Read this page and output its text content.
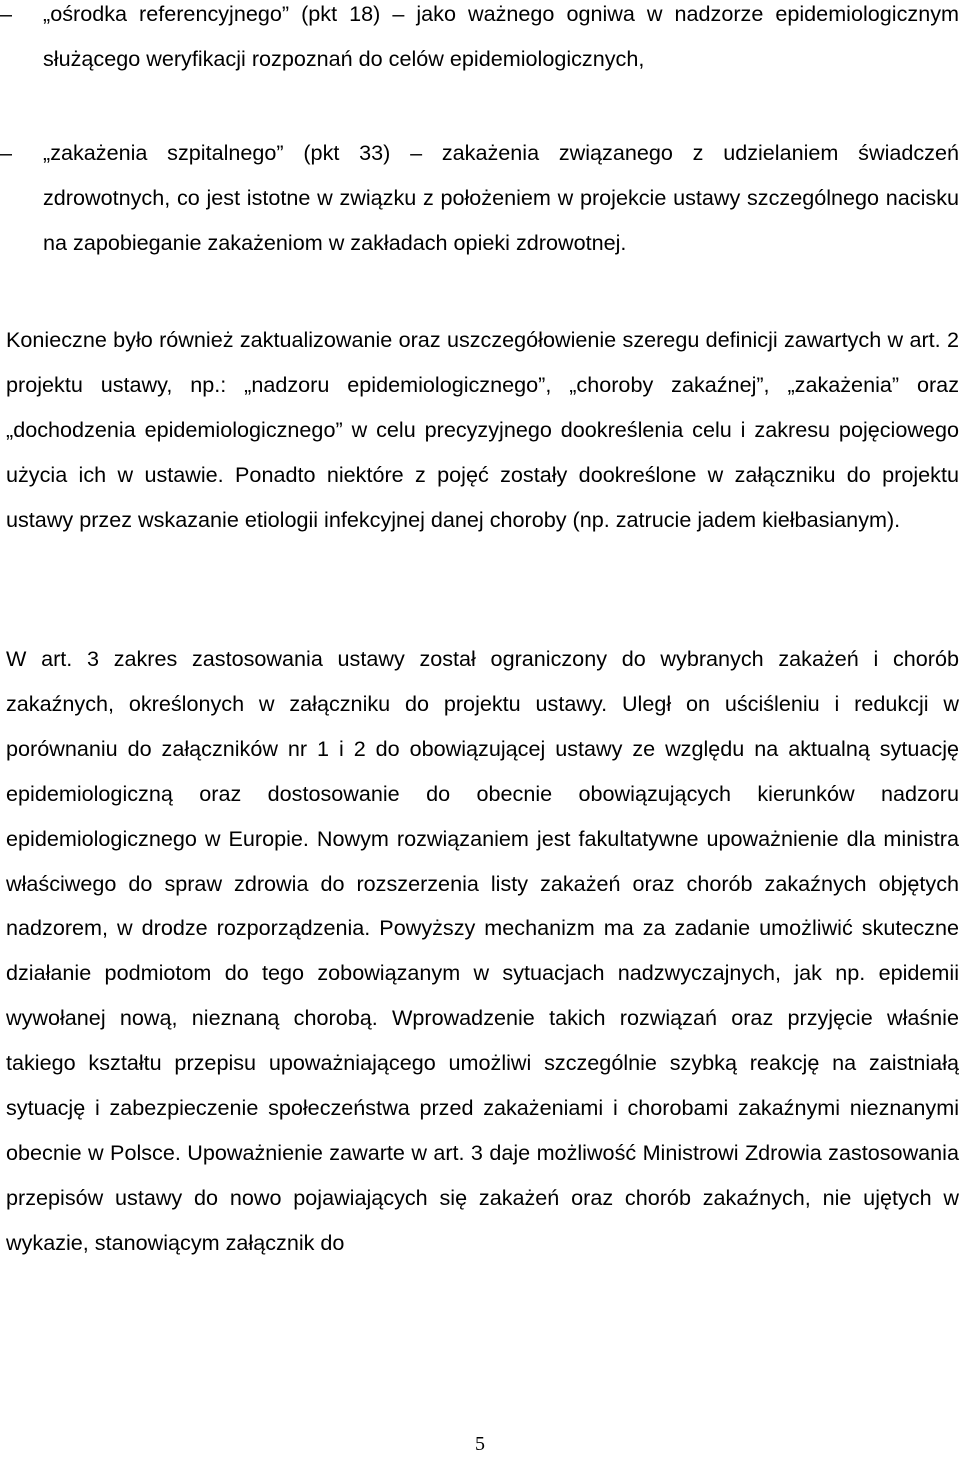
–	„ośrodka referencyjnego” (pkt 18) – jako ważnego ogniwa w nadzorze epidemiologicznym służącego weryfikacji rozpoznań do celów epidemiologicznych,

–	„zakażenia szpitalnego” (pkt 33) – zakażenia związanego z udzielaniem świadczeń zdrowotnych, co jest istotne w związku z położeniem w projekcie ustawy szczególnego nacisku na zapobieganie zakażeniom w zakładach opieki zdrowotnej.

Konieczne było również zaktualizowanie oraz uszczegółowienie szeregu definicji zawartych w art. 2 projektu ustawy, np.: „nadzoru epidemiologicznego”, „choroby zakaźnej”, „zakażenia” oraz „dochodzenia epidemiologicznego” w celu precyzyjnego dookreślenia celu i zakresu pojęciowego użycia ich w ustawie. Ponadto niektóre z pojęć zostały dookreślone w załączniku do projektu ustawy przez wskazanie etiologii infekcyjnej danej choroby (np. zatrucie jadem kiełbasianym).

W art. 3 zakres zastosowania ustawy został ograniczony do wybranych zakażeń i chorób zakaźnych, określonych w załączniku do projektu ustawy. Uległ on uściśleniu i redukcji w porównaniu do załączników nr 1 i 2 do obowiązującej ustawy ze względu na aktualną sytuację epidemiologiczną oraz dostosowanie do obecnie obowiązujących kierunków nadzoru epidemiologicznego w Europie. Nowym rozwiązaniem jest fakultatywne upoważnienie dla ministra właściwego do spraw zdrowia do rozszerzenia listy zakażeń oraz chorób zakaźnych objętych nadzorem, w drodze rozporządzenia. Powyższy mechanizm ma za zadanie umożliwić skuteczne działanie podmiotom do tego zobowiązanym w sytuacjach nadzwyczajnych, jak np. epidemii wywołanej nową, nieznaną chorobą. Wprowadzenie takich rozwiązań oraz przyjęcie właśnie takiego kształtu przepisu upoważniającego umożliwi szczególnie szybką reakcję na zaistniałą sytuację i zabezpieczenie społeczeństwa przed zakażeniami i chorobami zakaźnymi nieznanymi obecnie w Polsce. Upoważnienie zawarte w art. 3 daje możliwość Ministrowi Zdrowia zastosowania przepisów ustawy do nowo pojawiających się zakażeń oraz chorób zakaźnych, nie ujętych w wykazie, stanowiącym załącznik do

5
